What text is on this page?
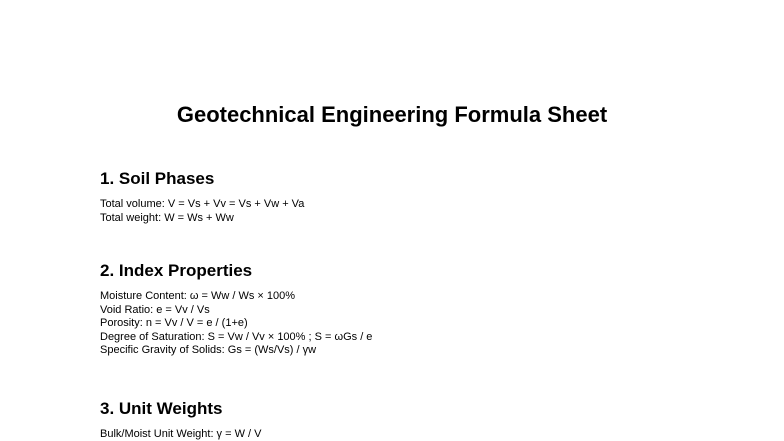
Geotechnical Engineering Formula Sheet
1. Soil Phases
Total volume: V = Vs + Vv = Vs + Vw + Va
Total weight: W = Ws + Ww
2. Index Properties
Moisture Content: ω = Ww / Ws × 100%
Void Ratio: e = Vv / Vs
Porosity: n = Vv / V = e / (1+e)
Degree of Saturation: S = Vw / Vv × 100% ; S = ωGs / e
Specific Gravity of Solids: Gs = (Ws/Vs) / γw
3. Unit Weights
Bulk/Moist Unit Weight: γ = W / V
